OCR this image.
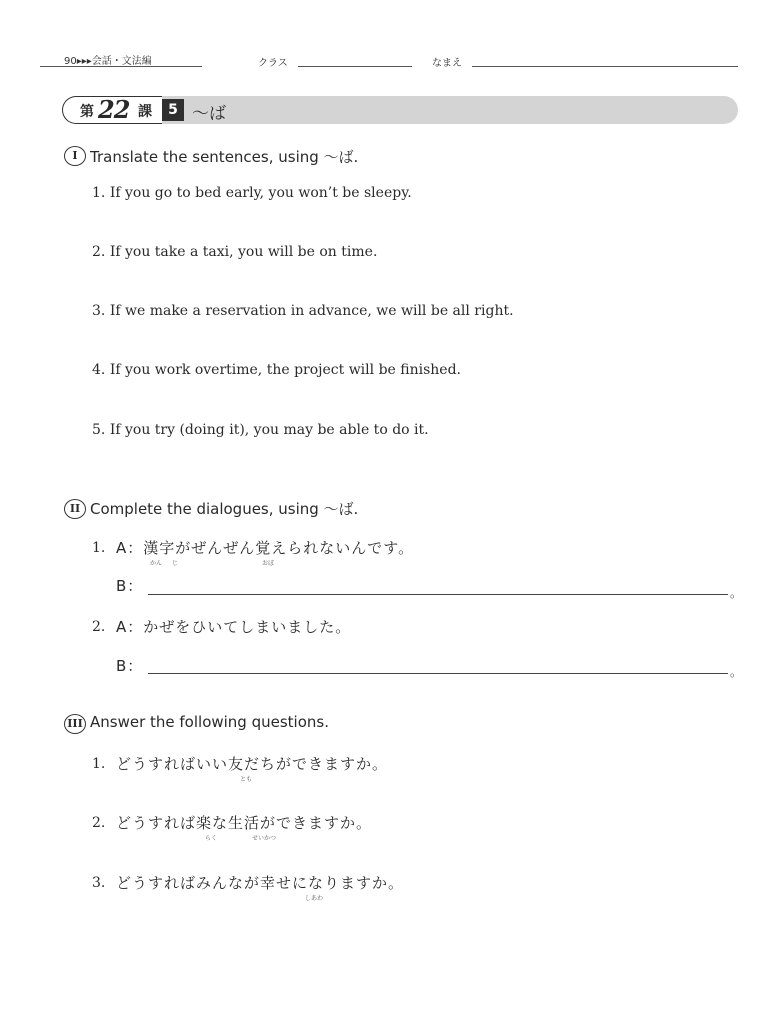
90▸▸▸会話・文法編	クラス	なまえ
第 22 課	5 ～ば
I Translate the sentences, using ～ば.
1. If you go to bed early, you won’t be sleepy.
2. If you take a taxi, you will be on time.
3. If we make a reservation in advance, we will be all right.
4. If you work overtime, the project will be finished.
5. If you try (doing it), you may be able to do it.
II Complete the dialogues, using ～ば.
1. A：漢字がぜんぜん覚えられないんです。
かん じ	おぼ
B：	。
2. A：かぜをひいてしまいました。
B：	。
III Answer the following questions.
1. どうすればいい友だちができますか。
とも
2. どうすれば楽な生活ができますか。
らく	せいかつ
3. どうすればみんなが幸せになりますか。
しあわ
